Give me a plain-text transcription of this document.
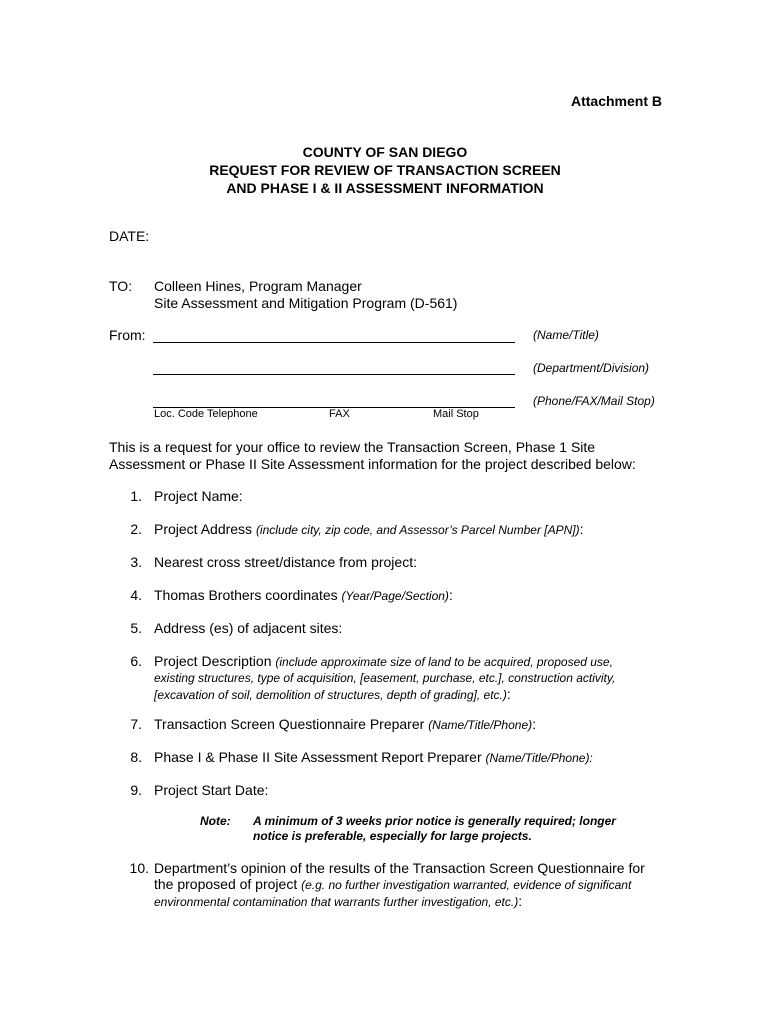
Attachment B
COUNTY OF SAN DIEGO
REQUEST FOR REVIEW OF TRANSACTION SCREEN
AND PHASE I & II ASSESSMENT INFORMATION
DATE:
TO: Colleen Hines, Program Manager
Site Assessment and Mitigation Program (D-561)
From:	(Name/Title)
(Department/Division)
(Phone/FAX/Mail Stop)
Loc. Code Telephone	FAX	Mail Stop
This is a request for your office to review the Transaction Screen, Phase 1 Site
Assessment or Phase II Site Assessment information for the project described below:
1. Project Name:
2. Project Address (include city, zip code, and Assessor’s Parcel Number [APN]):
3. Nearest cross street/distance from project:
4. Thomas Brothers coordinates (Year/Page/Section):
5. Address (es) of adjacent sites:
6. Project Description (include approximate size of land to be acquired, proposed use,
existing structures, type of acquisition, [easement, purchase, etc.], construction activity,
[excavation of soil, demolition of structures, depth of grading], etc.):
7. Transaction Screen Questionnaire Preparer (Name/Title/Phone):
8. Phase I & Phase II Site Assessment Report Preparer (Name/Title/Phone):
9. Project Start Date:
Note: A minimum of 3 weeks prior notice is generally required; longer
notice is preferable, especially for large projects.
10. Department’s opinion of the results of the Transaction Screen Questionnaire for
the proposed of project (e.g. no further investigation warranted, evidence of significant
environmental contamination that warrants further investigation, etc.):
